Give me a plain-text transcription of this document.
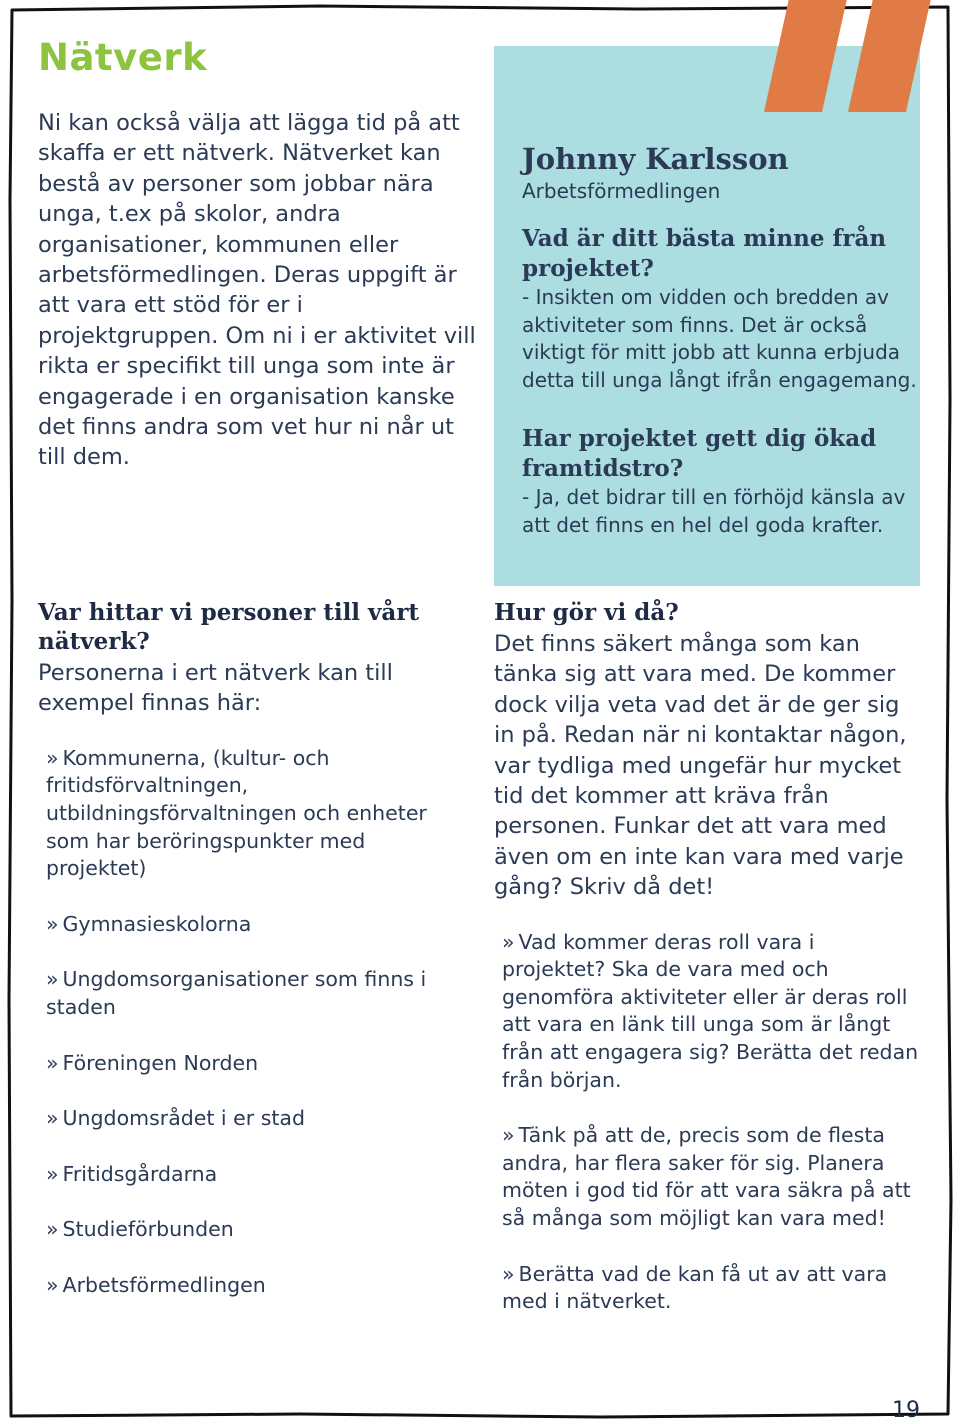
Nätverk

Ni kan också välja att lägga tid på att skaffa er ett nätverk. Nätverket kan bestå av personer som jobbar nära unga, t.ex på skolor, andra organisationer, kommunen eller arbetsförmedlingen. Deras uppgift är att vara ett stöd för er i projektgruppen. Om ni i er aktivitet vill rikta er specifikt till unga som inte är engagerade i en organisation kanske det finns andra som vet hur ni når ut till dem.

Johnny Karlsson

Arbetsförmedlingen

Vad är ditt bästa minne från projektet?

- Insikten om vidden och bredden av aktiviteter som finns. Det är också viktigt för mitt jobb att kunna erbjuda detta till unga långt ifrån engagemang.

Har projektet gett dig ökad framtidstro?

- Ja, det bidrar till en förhöjd känsla av att det finns en hel del goda krafter.

Var hittar vi personer till vårt nätverk?

Personerna i ert nätverk kan till exempel finnas här:

» Kommunerna, (kultur- och fritidsförvaltningen, utbildningsförvaltningen och enheter som har beröringspunkter med projektet)
» Gymnasieskolorna
» Ungdomsorganisationer som finns i staden
» Föreningen Norden
» Ungdomsrådet i er stad
» Fritidsgårdarna
» Studieförbunden
» Arbetsförmedlingen

Hur gör vi då?

Det finns säkert många som kan tänka sig att vara med. De kommer dock vilja veta vad det är de ger sig in på. Redan när ni kontaktar någon, var tydliga med ungefär hur mycket tid det kommer att kräva från personen. Funkar det att vara med även om en inte kan vara med varje gång? Skriv då det!

» Vad kommer deras roll vara i projektet? Ska de vara med och genomföra aktiviteter eller är deras roll att vara en länk till unga som är långt från att engagera sig? Berätta det redan från början.
» Tänk på att de, precis som de flesta andra, har flera saker för sig. Planera möten i god tid för att vara säkra på att så många som möjligt kan vara med!
» Berätta vad de kan få ut av att vara med i nätverket.
19
